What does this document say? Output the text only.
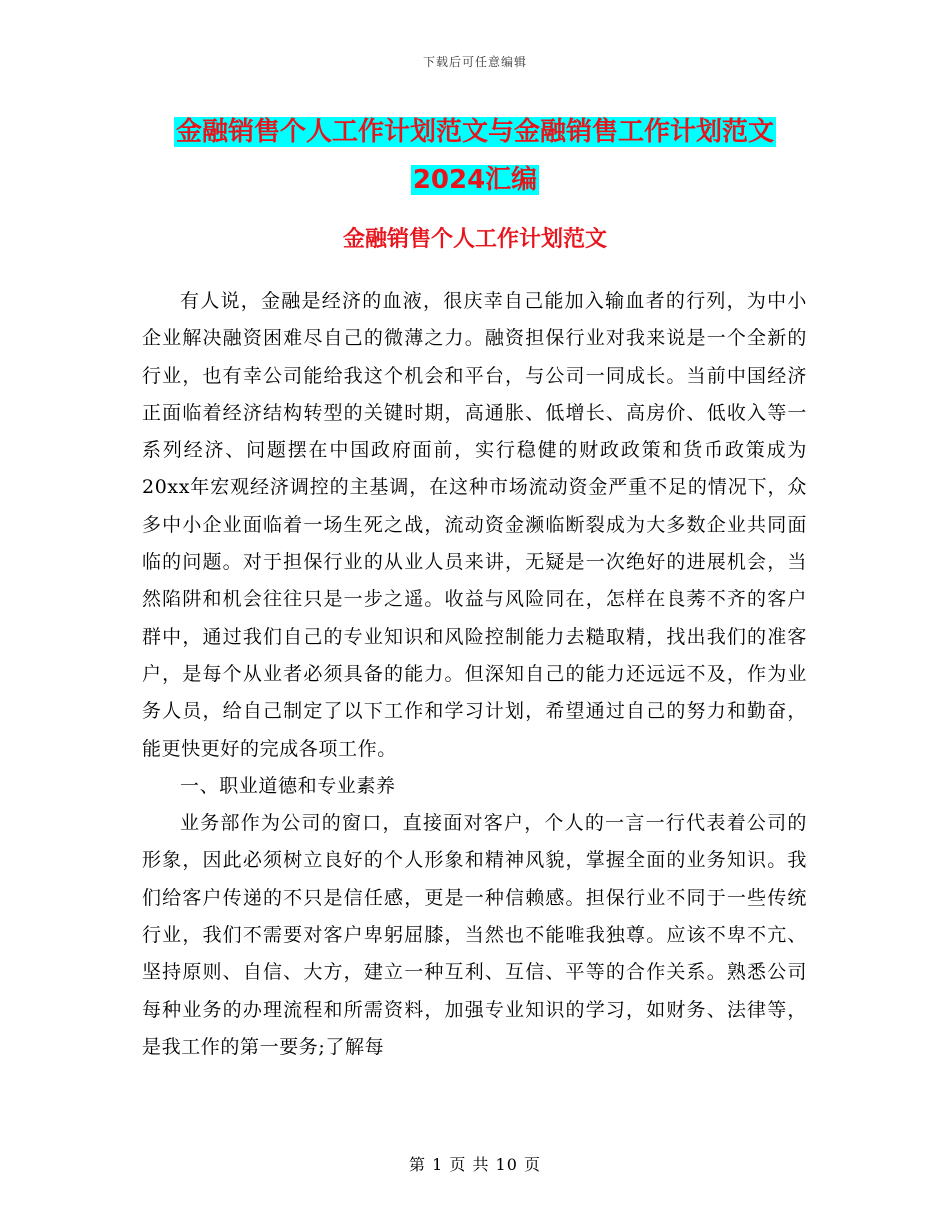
下载后可任意编辑
金融销售个人工作计划范文与金融销售工作计划范文
2024汇编
金融销售个人工作计划范文

有人说，金融是经济的血液，很庆幸自己能加入输血者的行列，为中小企业解决融资困难尽自己的微薄之力。融资担保行业对我来说是一个全新的行业，也有幸公司能给我这个机会和平台，与公司一同成长。当前中国经济正面临着经济结构转型的关键时期，高通胀、低增长、高房价、低收入等一系列经济、问题摆在中国政府面前，实行稳健的财政政策和货币政策成为20xx年宏观经济调控的主基调，在这种市场流动资金严重不足的情况下，众多中小企业面临着一场生死之战，流动资金濒临断裂成为大多数企业共同面临的问题。对于担保行业的从业人员来讲，无疑是一次绝好的进展机会，当然陷阱和机会往往只是一步之遥。收益与风险同在，怎样在良莠不齐的客户群中，通过我们自己的专业知识和风险控制能力去糙取精，找出我们的准客户，是每个从业者必须具备的能力。但深知自己的能力还远远不及，作为业务人员，给自己制定了以下工作和学习计划，希望通过自己的努力和勤奋，能更快更好的完成各项工作。

一、职业道德和专业素养

业务部作为公司的窗口，直接面对客户，个人的一言一行代表着公司的形象，因此必须树立良好的个人形象和精神风貌，掌握全面的业务知识。我们给客户传递的不只是信任感，更是一种信赖感。担保行业不同于一些传统行业，我们不需要对客户卑躬屈膝，当然也不能唯我独尊。应该不卑不亢、坚持原则、自信、大方，建立一种互利、互信、平等的合作关系。熟悉公司每种业务的办理流程和所需资料，加强专业知识的学习，如财务、法律等，是我工作的第一要务;了解每

第 1 页 共 10 页
